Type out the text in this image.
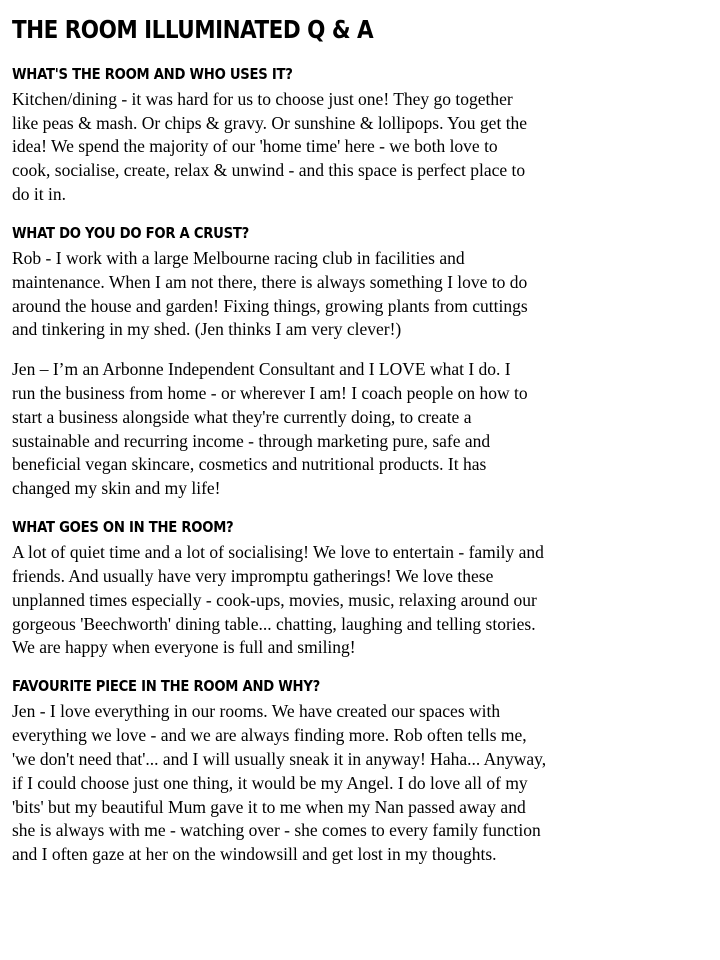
THE ROOM ILLUMINATED Q & A
WHAT'S THE ROOM AND WHO USES IT?

Kitchen/dining - it was hard for us to choose just one! They go together like peas & mash. Or chips & gravy. Or sunshine & lollipops. You get the idea! We spend the majority of our 'home time' here - we both love to cook, socialise, create, relax & unwind - and this space is perfect place to do it in.

WHAT DO YOU DO FOR A CRUST?

Rob - I work with a large Melbourne racing club in facilities and maintenance. When I am not there, there is always something I love to do around the house and garden! Fixing things, growing plants from cuttings and tinkering in my shed. (Jen thinks I am very clever!)

Jen – I’m an Arbonne Independent Consultant and I LOVE what I do. I run the business from home - or wherever I am! I coach people on how to start a business alongside what they're currently doing, to create a sustainable and recurring income - through marketing pure, safe and beneficial vegan skincare, cosmetics and nutritional products. It has changed my skin and my life!

WHAT GOES ON IN THE ROOM?

A lot of quiet time and a lot of socialising! We love to entertain - family and friends. And usually have very impromptu gatherings! We love these unplanned times especially - cook-ups, movies, music, relaxing around our gorgeous 'Beechworth' dining table... chatting, laughing and telling stories. We are happy when everyone is full and smiling!

FAVOURITE PIECE IN THE ROOM AND WHY?

Jen - I love everything in our rooms. We have created our spaces with everything we love - and we are always finding more. Rob often tells me, 'we don't need that'... and I will usually sneak it in anyway! Haha... Anyway, if I could choose just one thing, it would be my Angel. I do love all of my 'bits' but my beautiful Mum gave it to me when my Nan passed away and she is always with me - watching over - she comes to every family function and I often gaze at her on the windowsill and get lost in my thoughts.
